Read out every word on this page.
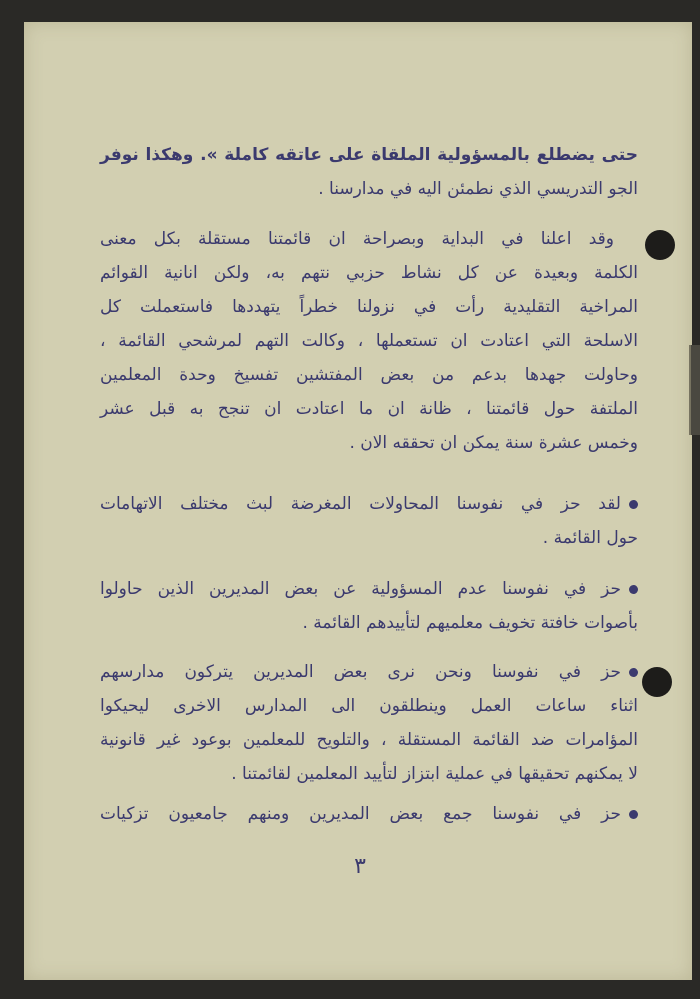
حتى يضطلع بالمسؤولية الملقاة على عاتقه كاملة ». وهكذا نوفر
الجو التدريسي الذي نطمئن اليه في مدارسنا .
وقد اعلنا في البداية وبصراحة ان قائمتنا مستقلة بكل معنى
الكلمة وبعيدة عن كل نشاط حزبي نتهم به، ولكن انانية القوائم
المراخية التقليدية رأت في نزولنا خطراً يتهددها فاستعملت كل
الاسلحة التي اعتادت ان تستعملها ، وكالت التهم لمرشحي القائمة ،
وحاولت جهدها بدعم من بعض المفتشين تفسيخ وحدة المعلمين
الملتفة حول قائمتنا ، ظانة ان ما اعتادت ان تنجح به قبل عشر
وخمس عشرة سنة يمكن ان تحققه الان .
لقد حز في نفوسنا المحاولات المغرضة لبث مختلف الاتهامات
حول القائمة .
حز في نفوسنا عدم المسؤولية عن بعض المديرين الذين حاولوا
بأصوات خافتة تخويف معلميهم لتأييدهم القائمة .
حز في نفوسنا ونحن نرى بعض المديرين يتركون مدارسهم
اثناء ساعات العمل وينطلقون الى المدارس الاخرى ليحيكوا
المؤامرات ضد القائمة المستقلة ، والتلويح للمعلمين بوعود غير قانونية
لا يمكنهم تحقيقها في عملية ابتزاز لتأييد المعلمين لقائمتنا .
حز في نفوسنا جمع بعض المديرين ومنهم جامعيون تزكيات
٣
